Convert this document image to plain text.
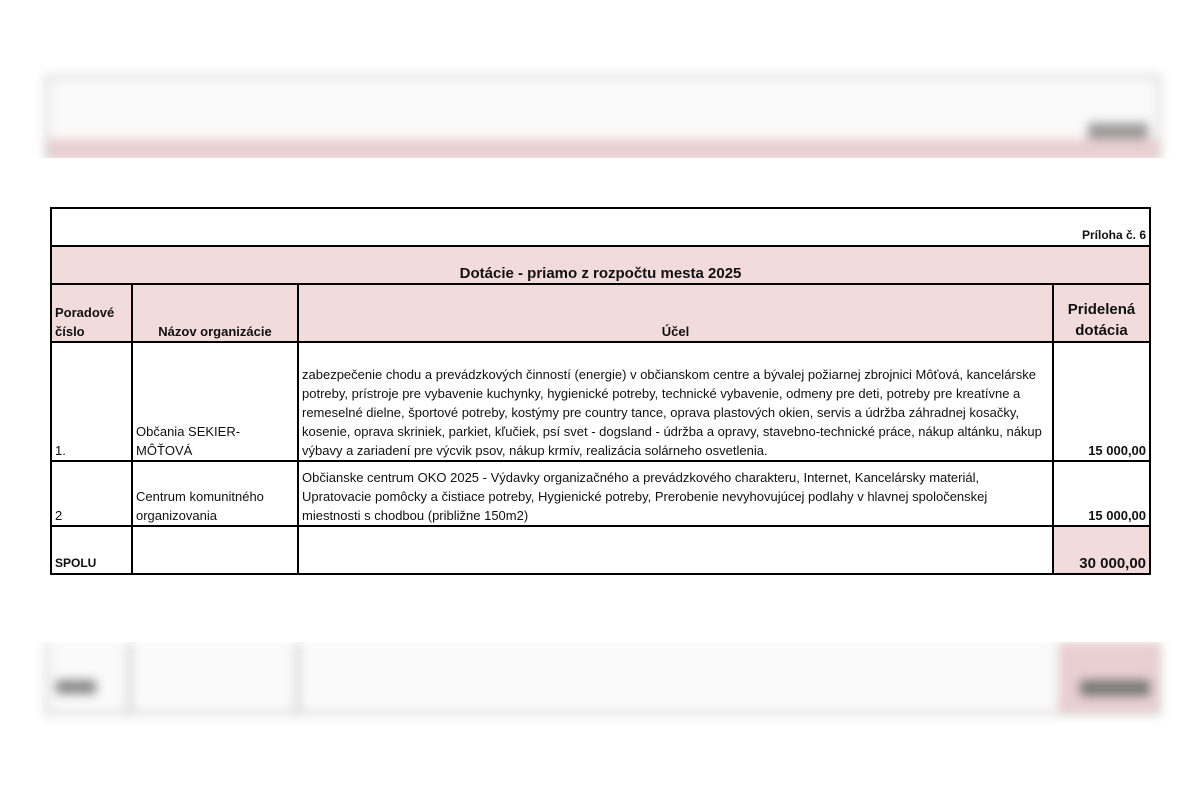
Príloha č. 6			
Dotácie - priamo z rozpočtu mesta 2025			
Poradové číslo	Názov organizácie	Účel	Pridelená dotácia
1.	Občania SEKIER-MÔŤOVÁ	zabezpečenie chodu a prevádzkových činností (energie) v občianskom centre a bývalej požiarnej zbrojnici Môťová, kancelárske potreby, prístroje pre vybavenie kuchynky, hygienické potreby, technické vybavenie, odmeny pre deti, potreby pre kreatívne a remeselné dielne, športové potreby, kostýmy pre country tance, oprava plastových okien, servis a údržba záhradnej kosačky, kosenie, oprava skriniek, parkiet, kľučiek, psí svet - dogsland - údržba a opravy, stavebno-technické práce, nákup altánku, nákup výbavy a zariadení pre výcvik psov, nákup krmív, realizácia solárneho osvetlenia.	15 000,00
2	Centrum komunitného organizovania	Občianske centrum OKO 2025 - Výdavky organizačného a prevádzkového charakteru, Internet, Kancelársky materiál, Upratovacie pomôcky a čistiace potreby, Hygienické potreby, Prerobenie nevyhovujúcej podlahy v hlavnej spoločenskej miestnosti s chodbou (približne 150m2)	15 000,00
SPOLU			30 000,00
